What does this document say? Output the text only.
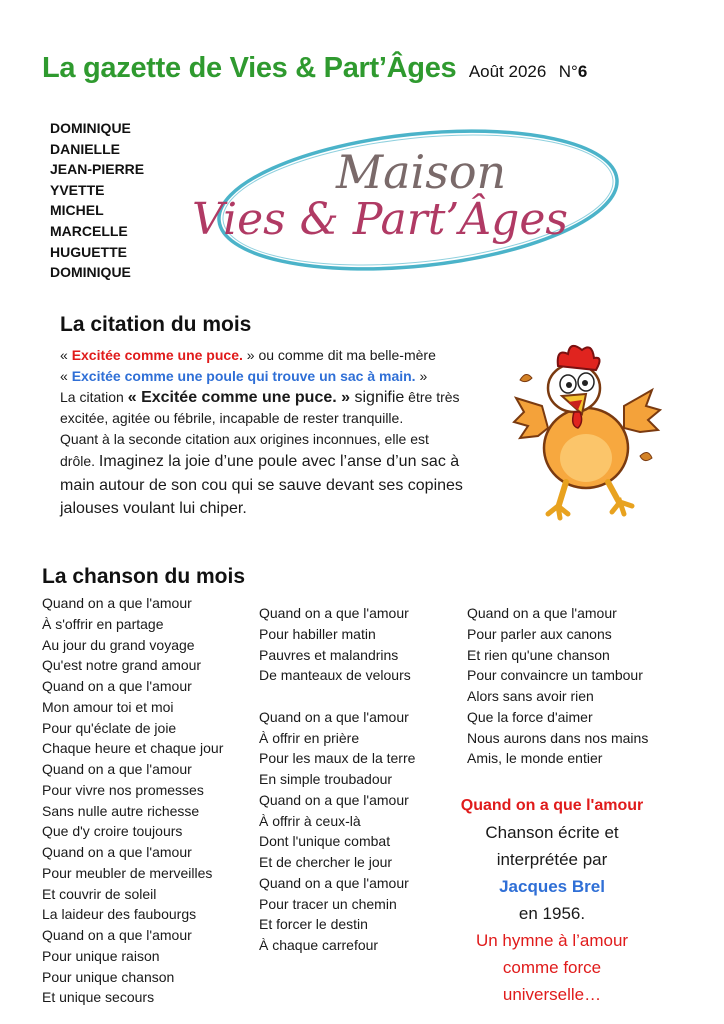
La gazette de Vies & Part’Âges Août 2026 N°6
DOMINIQUE
DANIELLE
JEAN-PIERRE
YVETTE
MICHEL
MARCELLE
HUGUETTE
DOMINIQUE
Maison
Vies & Part’Âges
La citation du mois
« Excitée comme une puce. » ou comme dit ma belle-mère
« Excitée comme une poule qui trouve un sac à main. »
La citation « Excitée comme une puce. » signifie être très
excitée, agitée ou fébrile, incapable de rester tranquille.
Quant à la seconde citation aux origines inconnues, elle est
drôle. Imaginez la joie d’une poule avec l’anse d’un sac à
main autour de son cou qui se sauve devant ses copines
jalouses voulant lui chiper.
La chanson du mois
Quand on a que l'amour
À s'offrir en partage
Au jour du grand voyage
Qu'est notre grand amour
Quand on a que l'amour
Mon amour toi et moi
Pour qu'éclate de joie
Chaque heure et chaque jour
Quand on a que l'amour
Pour vivre nos promesses
Sans nulle autre richesse
Que d'y croire toujours
Quand on a que l'amour
Pour meubler de merveilles
Et couvrir de soleil
La laideur des faubourgs
Quand on a que l'amour
Pour unique raison
Pour unique chanson
Et unique secours
Quand on a que l'amour
Pour habiller matin
Pauvres et malandrins
De manteaux de velours
Quand on a que l'amour
À offrir en prière
Pour les maux de la terre
En simple troubadour
Quand on a que l'amour
À offrir à ceux-là
Dont l'unique combat
Et de chercher le jour
Quand on a que l'amour
Pour tracer un chemin
Et forcer le destin
À chaque carrefour
Quand on a que l'amour
Pour parler aux canons
Et rien qu'une chanson
Pour convaincre un tambour
Alors sans avoir rien
Que la force d'aimer
Nous aurons dans nos mains
Amis, le monde entier
Quand on a que l'amour
Chanson écrite et
interprétée par
Jacques Brel
en 1956.
Un hymne à l’amour
comme force
universelle…
